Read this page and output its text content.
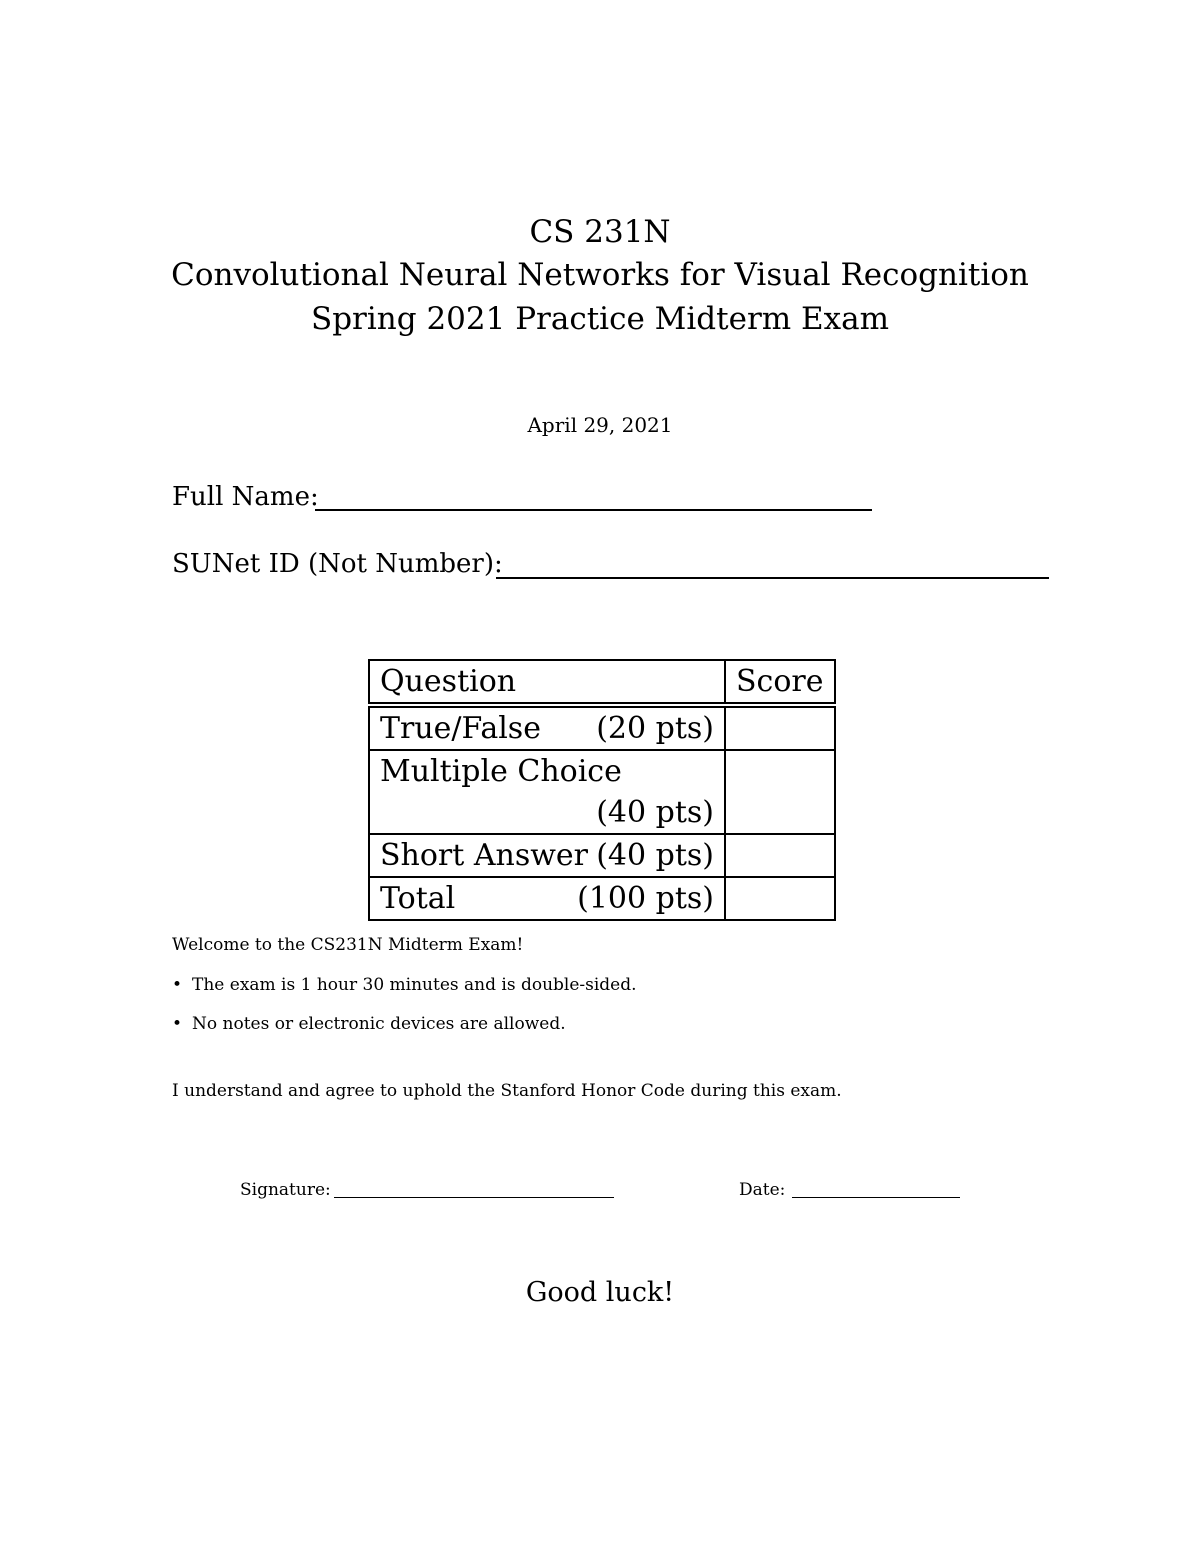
CS 231N
Convolutional Neural Networks for Visual Recognition
Spring 2021 Practice Midterm Exam
April 29, 2021
Full Name:
SUNet ID (Not Number):
Question	Score

True/False (20 pts)	

Multiple Choice
(40 pts)	

Short Answer (40 pts)	

Total (100 pts)	

Welcome to the CS231N Midterm Exam!
• The exam is 1 hour 30 minutes and is double-sided.
• No notes or electronic devices are allowed.
I understand and agree to uphold the Stanford Honor Code during this exam.
Signature:	Date:
Good luck!
